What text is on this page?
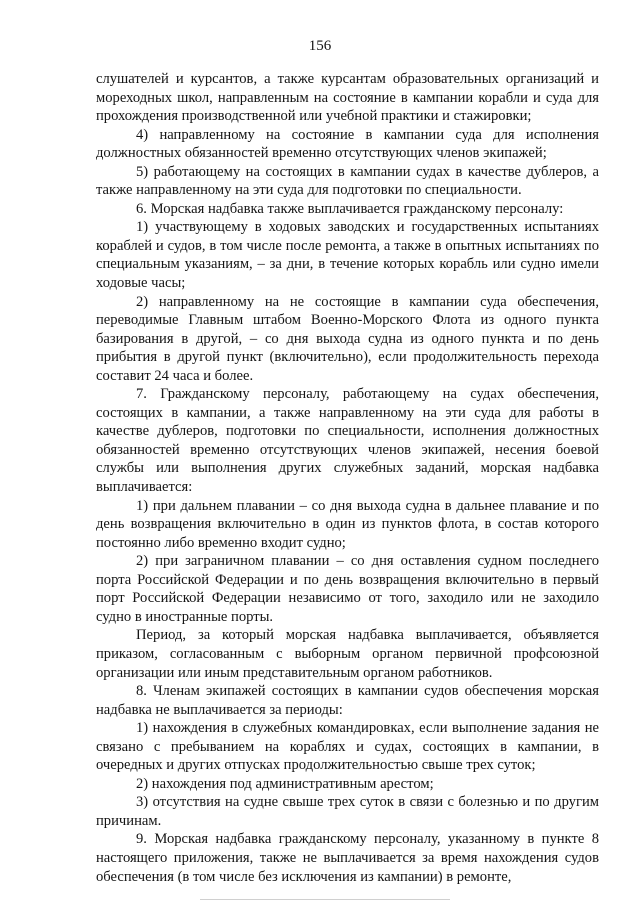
156

слушателей и курсантов, а также курсантам образовательных организаций и мореходных школ, направленным на состояние в кампании корабли и суда для прохождения производственной или учебной практики и стажировки;

4) направленному на состояние в кампании суда для исполнения должностных обязанностей временно отсутствующих членов экипажей;

5) работающему на состоящих в кампании судах в качестве дублеров, а также направленному на эти суда для подготовки по специальности.

6. Морская надбавка также выплачивается гражданскому персоналу:

1) участвующему в ходовых заводских и государственных испытаниях кораблей и судов, в том числе после ремонта, а также в опытных испытаниях по специальным указаниям, – за дни, в течение которых корабль или судно имели ходовые часы;

2) направленному на не состоящие в кампании суда обеспечения, переводимые Главным штабом Военно-Морского Флота из одного пункта базирования в другой, – со дня выхода судна из одного пункта и по день прибытия в другой пункт (включительно), если продолжительность перехода составит 24 часа и более.

7. Гражданскому персоналу, работающему на судах обеспечения, состоящих в кампании, а также направленному на эти суда для работы в качестве дублеров, подготовки по специальности, исполнения должностных обязанностей временно отсутствующих членов экипажей, несения боевой службы или выполнения других служебных заданий, морская надбавка выплачивается:

1) при дальнем плавании – со дня выхода судна в дальнее плавание и по день возвращения включительно в один из пунктов флота, в состав которого постоянно либо временно входит судно;

2) при заграничном плавании – со дня оставления судном последнего порта Российской Федерации и по день возвращения включительно в первый порт Российской Федерации независимо от того, заходило или не заходило судно в иностранные порты.

Период, за который морская надбавка выплачивается, объявляется приказом, согласованным с выборным органом первичной профсоюзной организации или иным представительным органом работников.

8. Членам экипажей состоящих в кампании судов обеспечения морская надбавка не выплачивается за периоды:

1) нахождения в служебных командировках, если выполнение задания не связано с пребыванием на кораблях и судах, состоящих в кампании, в очередных и других отпусках продолжительностью свыше трех суток;

2) нахождения под административным арестом;

3) отсутствия на судне свыше трех суток в связи с болезнью и по другим причинам.

9. Морская надбавка гражданскому персоналу, указанному в пункте 8 настоящего приложения, также не выплачивается за время нахождения судов обеспечения (в том числе без исключения из кампании) в ремонте,
